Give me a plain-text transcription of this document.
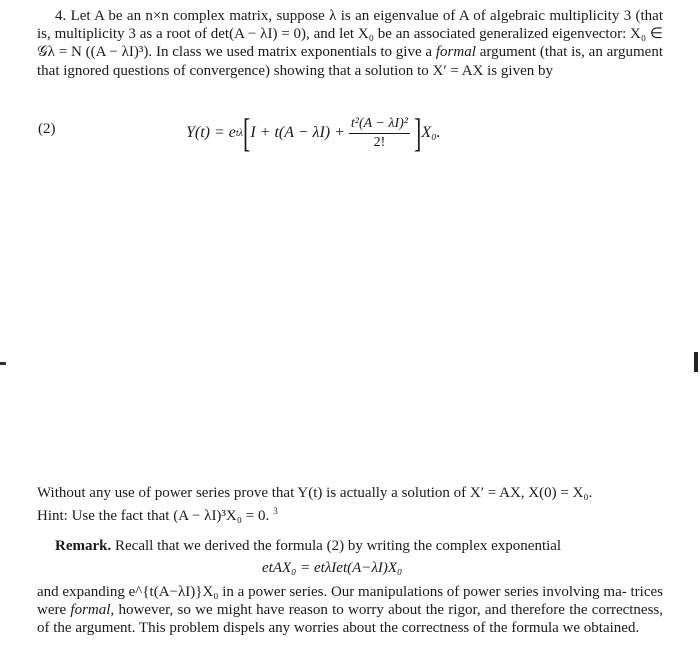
4. Let A be an n×n complex matrix, suppose λ is an eigenvalue of A of algebraic multiplicity 3 (that is, multiplicity 3 as a root of det(A − λI) = 0), and let X₀ be an associated generalized eigenvector: X₀ ∈ 𝒢λ = N ((A − λI)³). In class we used matrix exponentials to give a formal argument (that is, an argument that ignored questions of convergence) showing that a solution to X′ = AX is given by
(2)	Y(t) = e tλ [ $I + t(A - \lambda I) + \frac{\text{t²(A − λI)²}}{2!}$ ] X₀.
Without any use of power series prove that Y(t) is actually a solution of X′ = AX, X(0) = X₀.
Hint: Use the fact that (A − λI)³X₀ = 0. $^3$
Remark. Recall that we derived the formula (2) by writing the complex exponential
etAX₀ = etλIet(A−λI)X₀
and expanding e^{t(A−λI)}X₀ in a power series. Our manipulations of power series involving ma- trices were formal, however, so we might have reason to worry about the rigor, and therefore the correctness, of the argument. This problem dispels any worries about the correctness of the formula we obtained.
